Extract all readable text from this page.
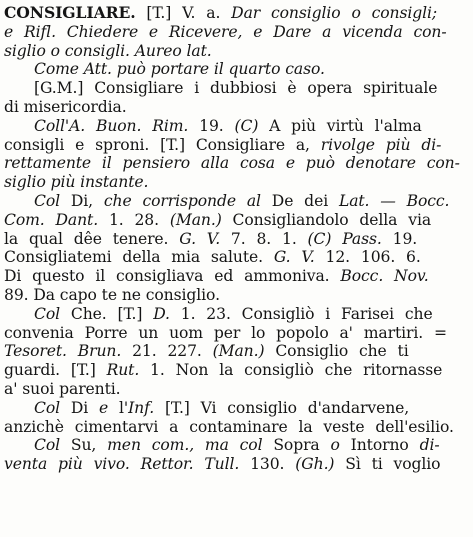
CONSIGLIARE. [T.] V. a. Dar consiglio o consigli;
e Rifl. Chiedere e Ricevere, e Dare a vicenda con-
siglio o consigli. Aureo lat.
Come Att. può portare il quarto caso.
[G.M.] Consigliare i dubbiosi è opera spirituale
di misericordia.
Coll'A. Buon. Rim. 19. (C) A più virtù l'alma
consigli e sproni. [T.] Consigliare a, rivolge più di-
rettamente il pensiero alla cosa e può denotare con-
siglio più instante.
Col Di, che corrisponde al De dei Lat. — Bocc.
Com. Dant. 1. 28. (Man.) Consigliandolo della via
la qual dêe tenere. G. V. 7. 8. 1. (C) Pass. 19.
Consigliatemi della mia salute. G. V. 12. 106. 6.
Di questo il consigliava ed ammoniva. Bocc. Nov.
89. Da capo te ne consiglio.
Col Che. [T.] D. 1. 23. Consigliò i Farisei che
convenia Porre un uom per lo popolo a' martiri. =
Tesoret. Brun. 21. 227. (Man.) Consiglio che ti
guardi. [T.] Rut. 1. Non la consigliò che ritornasse
a' suoi parenti.
Col Di e l'Inf. [T.] Vi consiglio d'andarvene,
anzichè cimentarvi a contaminare la veste dell'esilio.
Col Su, men com., ma col Sopra o Intorno di-
venta più vivo. Rettor. Tull. 130. (Gh.) Sì ti voglio
